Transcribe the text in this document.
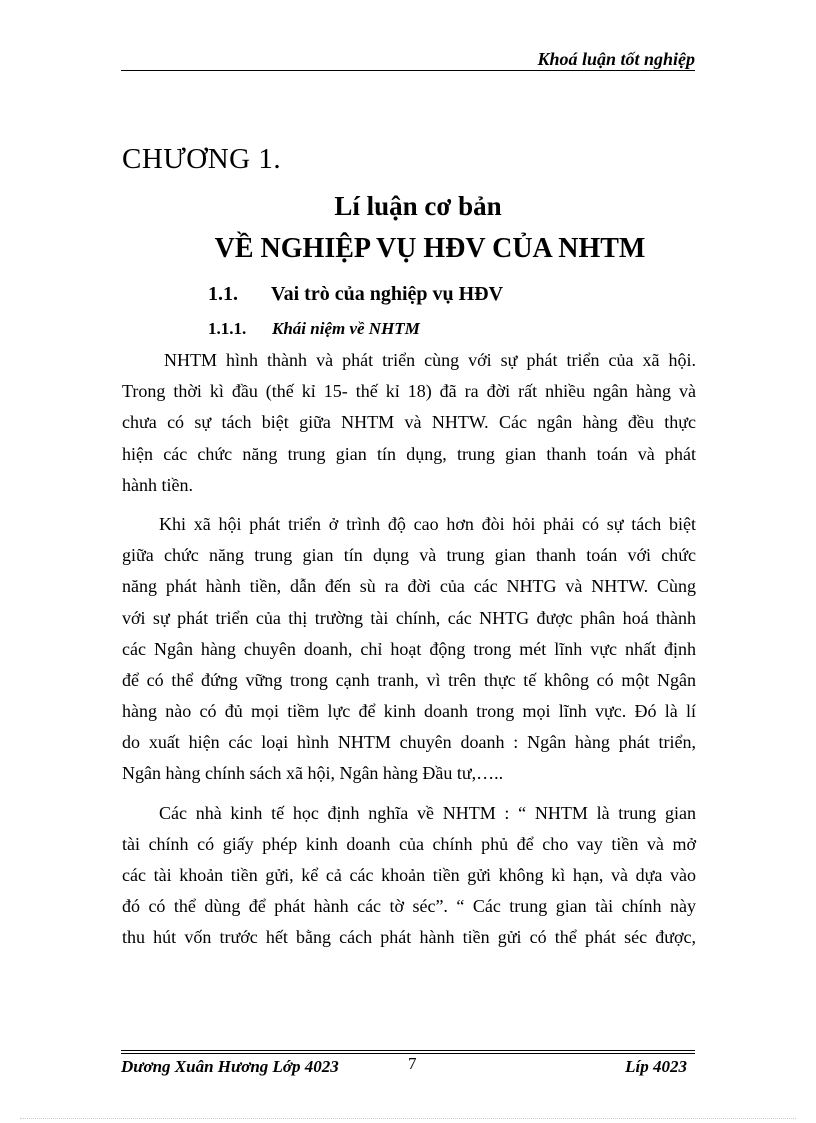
Khoá luận tốt nghiệp
CHƯƠNG 1.
Lí luận cơ bản
VỀ NGHIỆP VỤ HĐV CỦA NHTM
1.1. Vai trò của nghiệp vụ HĐV
1.1.1. Khái niệm về NHTM
NHTM hình thành và phát triển cùng với sự phát triển của xã hội.
Trong thời kì đầu (thế kỉ 15- thế kỉ 18) đã ra đời rất nhiều ngân hàng và
chưa có sự tách biệt giữa NHTM và NHTW. Các ngân hàng đều thực
hiện các chức năng trung gian tín dụng, trung gian thanh toán và phát
hành tiền.
Khi xã hội phát triển ở trình độ cao hơn đòi hỏi phải có sự tách biệt
giữa chức năng trung gian tín dụng và trung gian thanh toán với chức
năng phát hành tiền, dẫn đến sù ra đời của các NHTG và NHTW. Cùng
với sự phát triển của thị trường tài chính, các NHTG được phân hoá thành
các Ngân hàng chuyên doanh, chỉ hoạt động trong mét lĩnh vực nhất định
để có thể đứng vững trong cạnh tranh, vì trên thực tế không có một Ngân
hàng nào có đủ mọi tiềm lực để kinh doanh trong mọi lĩnh vực. Đó là lí
do xuất hiện các loại hình NHTM chuyên doanh : Ngân hàng phát triển,
Ngân hàng chính sách xã hội, Ngân hàng Đầu tư,…..
Các nhà kinh tế học định nghĩa về NHTM : “ NHTM là trung gian
tài chính có giấy phép kinh doanh của chính phủ để cho vay tiền và mở
các tài khoản tiền gửi, kể cả các khoản tiền gửi không kì hạn, và dựa vào
đó có thể dùng để phát hành các tờ séc”. “ Các trung gian tài chính này
thu hút vốn trước hết bằng cách phát hành tiền gửi có thể phát séc được,
Dương Xuân Hương Lớp 4023	7	Líp 4023
